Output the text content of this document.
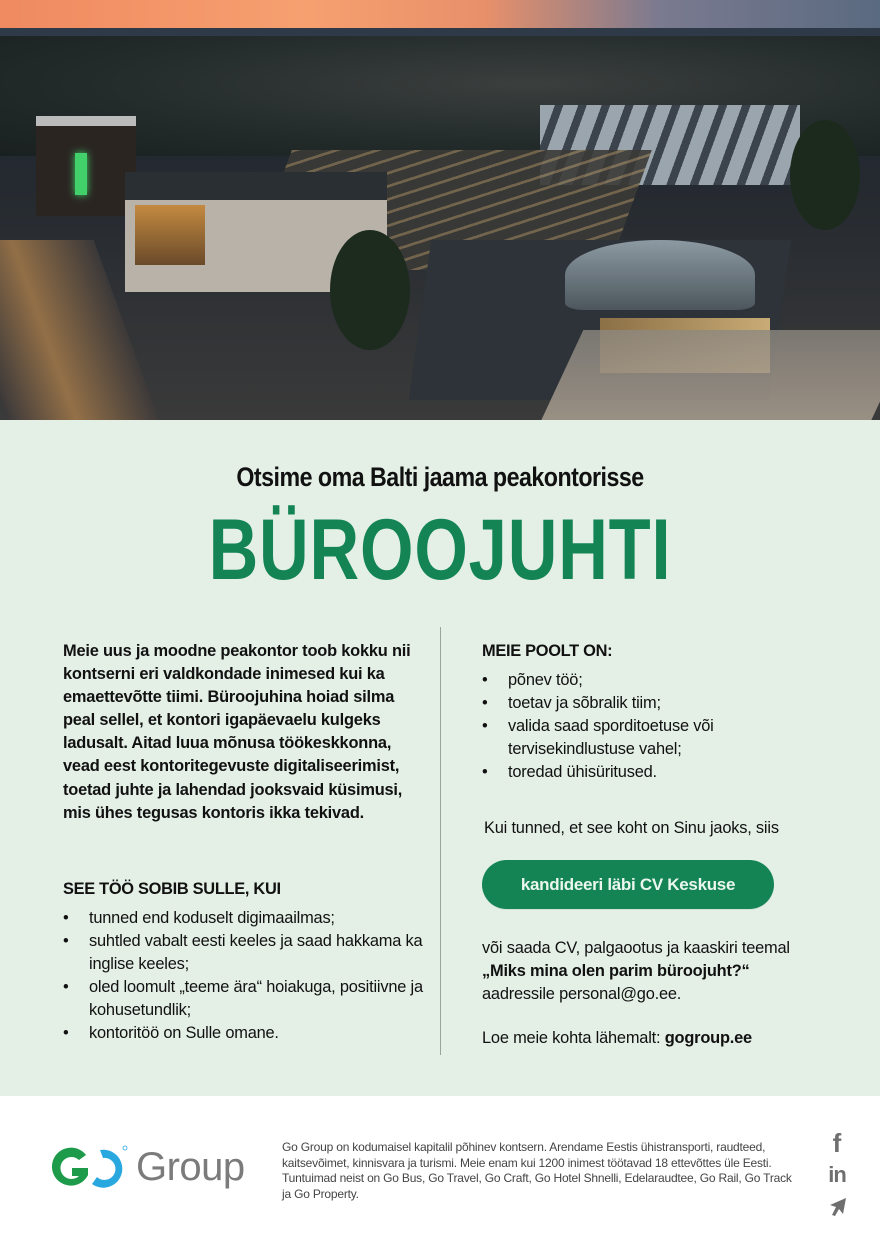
Otsime oma Balti jaama peakontorisse
BÜROOJUHTI

Meie uus ja moodne peakontor toob kokku nii kontserni eri valdkondade inimesed kui ka emaettevõtte tiimi. Büroojuhina hoiad silma peal sellel, et kontori igapäevaelu kulgeks ladusalt. Aitad luua mõnusa töökeskkonna, vead eest kontoritegevuste digitaliseerimist, toetad juhte ja lahendad jooksvaid küsimusi, mis ühes tegusas kontoris ikka tekivad.

SEE TÖÖ SOBIB SULLE, KUI
• tunned end koduselt digimaailmas;
• suhtled vabalt eesti keeles ja saad hakkama ka inglise keeles;
• oled loomult „teeme ära“ hoiakuga, positiivne ja kohusetundlik;
• kontoritöö on Sulle omane.
MEIE POOLT ON:
• põnev töö;
• toetav ja sõbralik tiim;
• valida saad sporditoetuse või tervisekindlustuse vahel;
• toredad ühisüritused.
Kui tunned, et see koht on Sinu jaoks, siis
kandideeri läbi CV Keskuse
või saada CV, palgaootus ja kaaskiri teemal
„Miks mina olen parim büroojuht?“
aadressile personal@go.ee.
Loe meie kohta lähemalt: gogroup.ee
Group	Go Group on kodumaisel kapitalil põhinev kontsern. Arendame Eestis ühistransporti, raudteed, kaitsevõimet, kinnisvara ja turismi. Meie enam kui 1200 inimest töötavad 18 ettevõttes üle Eesti. Tuntuimad neist on Go Bus, Go Travel, Go Craft, Go Hotel Shnelli, Edelaraudtee, Go Rail, Go Track ja Go Property.

f
in
